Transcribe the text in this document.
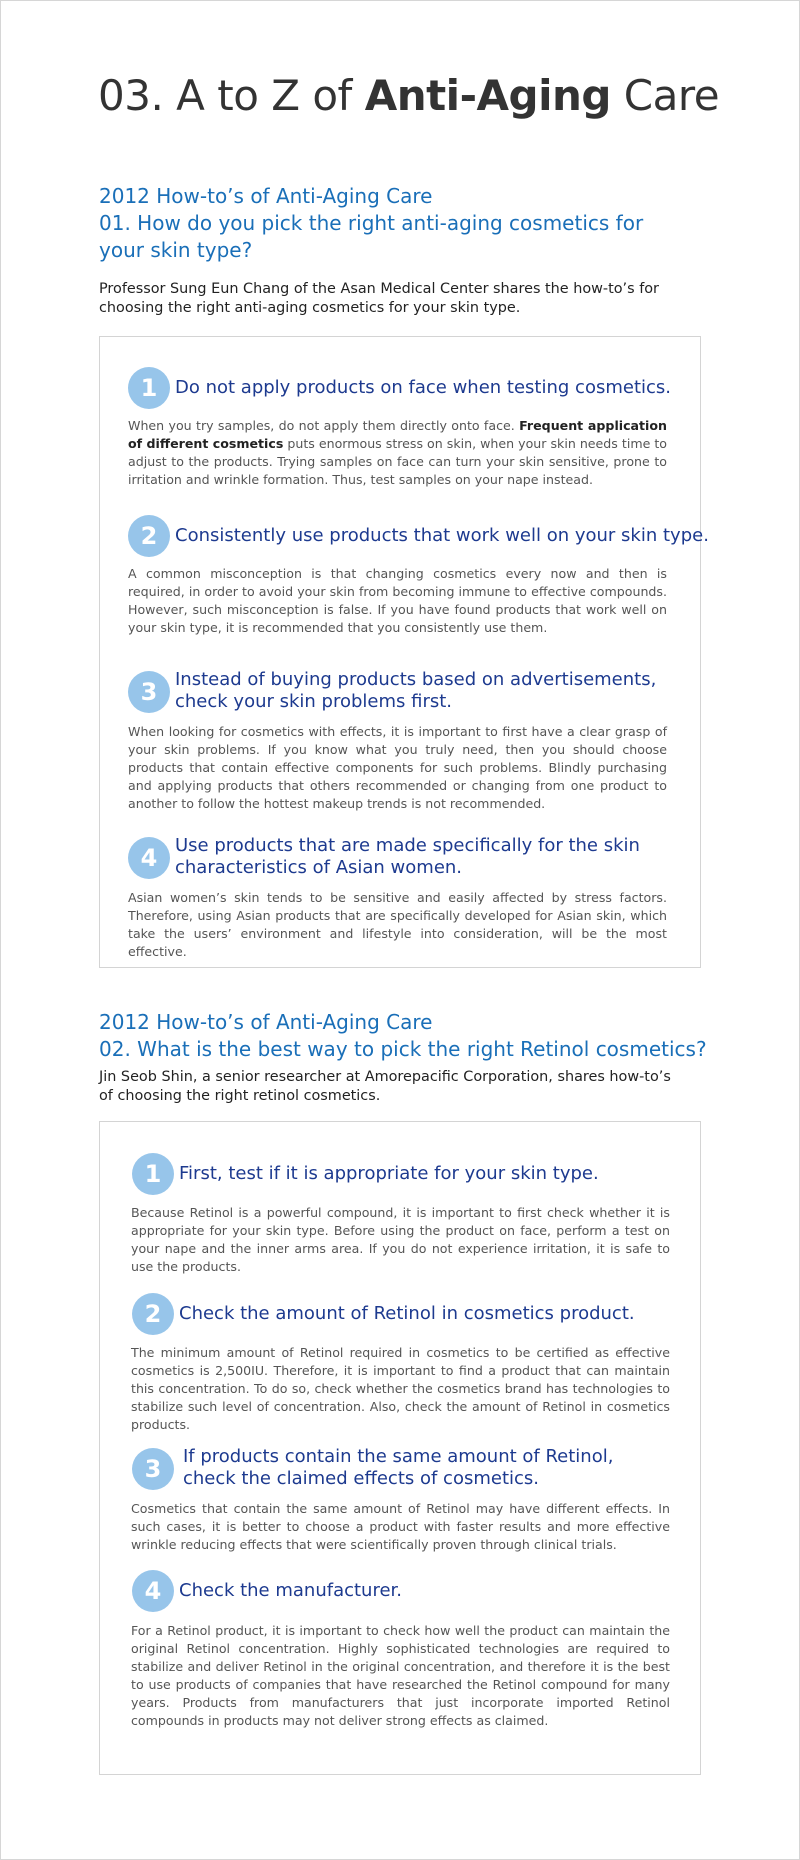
03. A to Z of Anti-Aging Care
2012 How-to’s of Anti-Aging Care
01. How do you pick the right anti-aging cosmetics for
your skin type?
Professor Sung Eun Chang of the Asan Medical Center shares the how-to’s for choosing the right anti-aging cosmetics for your skin type.
1 Do not apply products on face when testing cosmetics.
When you try samples, do not apply them directly onto face. Frequent application of different cosmetics puts enormous stress on skin, when your skin needs time to adjust to the products. Trying samples on face can turn your skin sensitive, prone to irritation and wrinkle formation. Thus, test samples on your nape instead.
2 Consistently use products that work well on your skin type.
A common misconception is that changing cosmetics every now and then is required, in order to avoid your skin from becoming immune to effective compounds. However, such misconception is false. If you have found products that work well on your skin type, it is recommended that you consistently use them.
3 Instead of buying products based on advertisements,
check your skin problems first.
When looking for cosmetics with effects, it is important to first have a clear grasp of your skin problems. If you know what you truly need, then you should choose products that contain effective components for such problems. Blindly purchasing and applying products that others recommended or changing from one product to another to follow the hottest makeup trends is not recommended.
4 Use products that are made specifically for the skin
characteristics of Asian women.
Asian women’s skin tends to be sensitive and easily affected by stress factors. Therefore, using Asian products that are specifically developed for Asian skin, which take the users’ environment and lifestyle into consideration, will be the most effective.
2012 How-to’s of Anti-Aging Care
02. What is the best way to pick the right Retinol cosmetics?
Jin Seob Shin, a senior researcher at Amorepacific Corporation, shares how-to’s of choosing the right retinol cosmetics.
1 First, test if it is appropriate for your skin type.
Because Retinol is a powerful compound, it is important to first check whether it is appropriate for your skin type. Before using the product on face, perform a test on your nape and the inner arms area. If you do not experience irritation, it is safe to use the products.
2 Check the amount of Retinol in cosmetics product.
The minimum amount of Retinol required in cosmetics to be certified as effective cosmetics is 2,500IU. Therefore, it is important to find a product that can maintain this concentration. To do so, check whether the cosmetics brand has technologies to stabilize such level of concentration. Also, check the amount of Retinol in cosmetics products.
3	If products contain the same amount of Retinol,
check the claimed effects of cosmetics.
Cosmetics that contain the same amount of Retinol may have different effects. In such cases, it is better to choose a product with faster results and more effective wrinkle reducing effects that were scientifically proven through clinical trials.
4 Check the manufacturer.
For a Retinol product, it is important to check how well the product can maintain the original Retinol concentration. Highly sophisticated technologies are required to stabilize and deliver Retinol in the original concentration, and therefore it is the best to use products of companies that have researched the Retinol compound for many years. Products from manufacturers that just incorporate imported Retinol compounds in products may not deliver strong effects as claimed.
